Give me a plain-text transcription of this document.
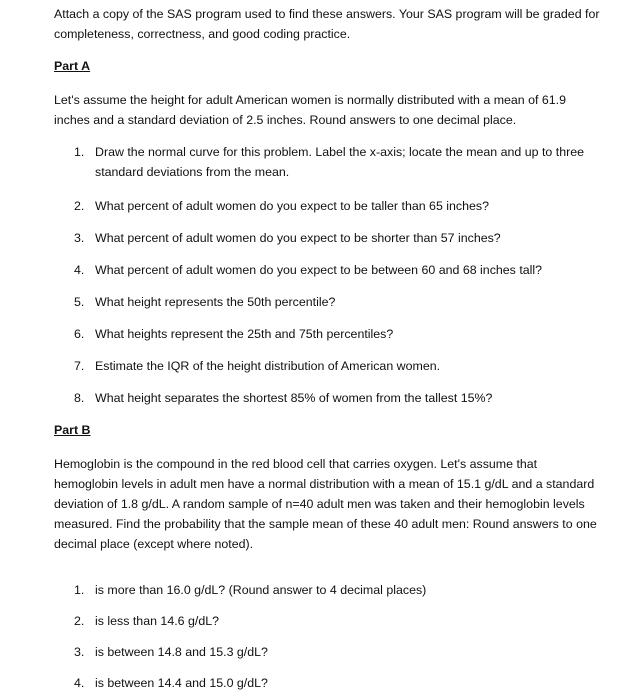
Attach a copy of the SAS program used to find these answers. Your SAS program will be graded for completeness, correctness, and good coding practice.

Part A

Let's assume the height for adult American women is normally distributed with a mean of 61.9 inches and a standard deviation of 2.5 inches. Round answers to one decimal place.

1. Draw the normal curve for this problem. Label the x-axis; locate the mean and up to three standard deviations from the mean.
2. What percent of adult women do you expect to be taller than 65 inches?
3. What percent of adult women do you expect to be shorter than 57 inches?
4. What percent of adult women do you expect to be between 60 and 68 inches tall?
5. What height represents the 50th percentile?
6. What heights represent the 25th and 75th percentiles?
7. Estimate the IQR of the height distribution of American women.
8. What height separates the shortest 85% of women from the tallest 15%?

Part B

Hemoglobin is the compound in the red blood cell that carries oxygen. Let's assume that hemoglobin levels in adult men have a normal distribution with a mean of 15.1 g/dL and a standard deviation of 1.8 g/dL. A random sample of n=40 adult men was taken and their hemoglobin levels measured. Find the probability that the sample mean of these 40 adult men: Round answers to one decimal place (except where noted).

1. is more than 16.0 g/dL? (Round answer to 4 decimal places)
2. is less than 14.6 g/dL?
3. is between 14.8 and 15.3 g/dL?
4. is between 14.4 and 15.0 g/dL?
